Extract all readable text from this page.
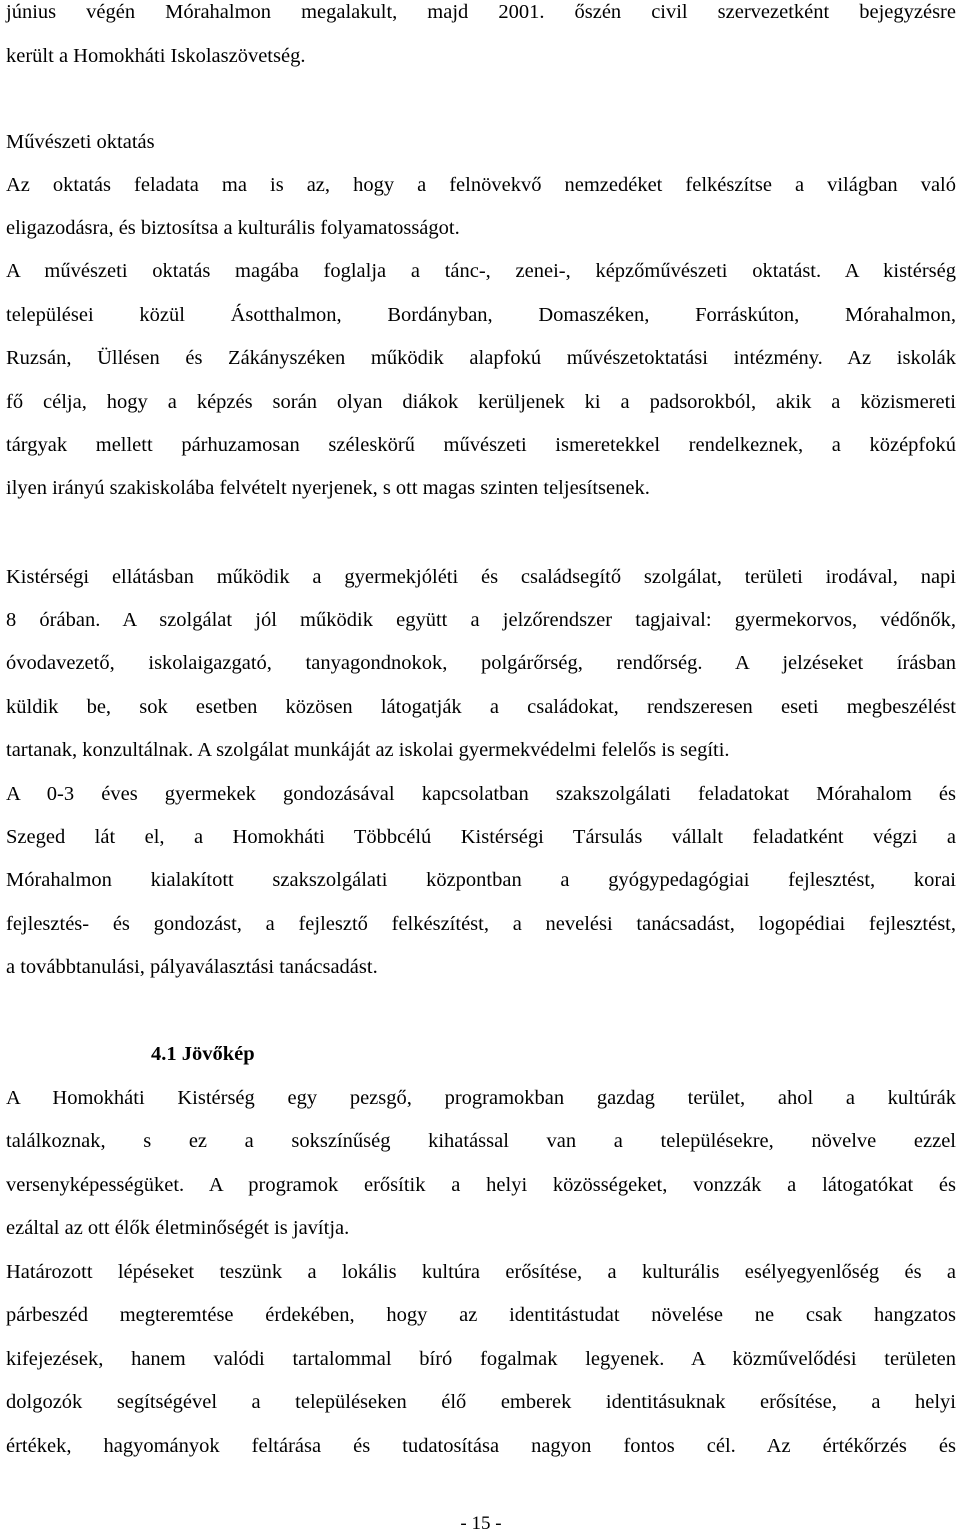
június végén Mórahalmon megalakult, majd 2001. őszén civil szervezetként bejegyzésre
került a Homokháti Iskolaszövetség.
Művészeti oktatás
Az oktatás feladata ma is az, hogy a felnövekvő nemzedéket felkészítse a világban való
eligazodásra, és biztosítsa a kulturális folyamatosságot.
A művészeti oktatás magába foglalja a tánc-, zenei-, képzőművészeti oktatást. A kistérség
települései közül Ásotthalmon, Bordányban, Domaszéken, Forráskúton, Mórahalmon,
Ruzsán, Üllésen és Zákányszéken működik alapfokú művészetoktatási intézmény. Az iskolák
fő célja, hogy a képzés során olyan diákok kerüljenek ki a padsorokból, akik a közismereti
tárgyak mellett párhuzamosan széleskörű művészeti ismeretekkel rendelkeznek, a középfokú
ilyen irányú szakiskolába felvételt nyerjenek, s ott magas szinten teljesítsenek.
Kistérségi ellátásban működik a gyermekjóléti és családsegítő szolgálat, területi irodával, napi
8 órában. A szolgálat jól működik együtt a jelzőrendszer tagjaival: gyermekorvos, védőnők,
óvodavezető, iskolaigazgató, tanyagondnokok, polgárőrség, rendőrség. A jelzéseket írásban
küldik be, sok esetben közösen látogatják a családokat, rendszeresen eseti megbeszélést
tartanak, konzultálnak. A szolgálat munkáját az iskolai gyermekvédelmi felelős is segíti.
A 0-3 éves gyermekek gondozásával kapcsolatban szakszolgálati feladatokat Mórahalom és
Szeged lát el, a Homokháti Többcélú Kistérségi Társulás vállalt feladatként végzi a
Mórahalmon kialakított szakszolgálati központban a gyógypedagógiai fejlesztést, korai
fejlesztés- és gondozást, a fejlesztő felkészítést, a nevelési tanácsadást, logopédiai fejlesztést,
a továbbtanulási, pályaválasztási tanácsadást.
4.1 Jövőkép
A Homokháti Kistérség egy pezsgő, programokban gazdag terület, ahol a kultúrák
találkoznak, s ez a sokszínűség kihatással van a településekre, növelve ezzel
versenyképességüket. A programok erősítik a helyi közösségeket, vonzzák a látogatókat és
ezáltal az ott élők életminőségét is javítja.
Határozott lépéseket teszünk a lokális kultúra erősítése, a kulturális esélyegyenlőség és a
párbeszéd megteremtése érdekében, hogy az identitástudat növelése ne csak hangzatos
kifejezések, hanem valódi tartalommal bíró fogalmak legyenek. A közművelődési területen
dolgozók segítségével a településeken élő emberek identitásuknak erősítése, a helyi
értékek, hagyományok feltárása és tudatosítása nagyon fontos cél. Az értékőrzés és
- 15 -
